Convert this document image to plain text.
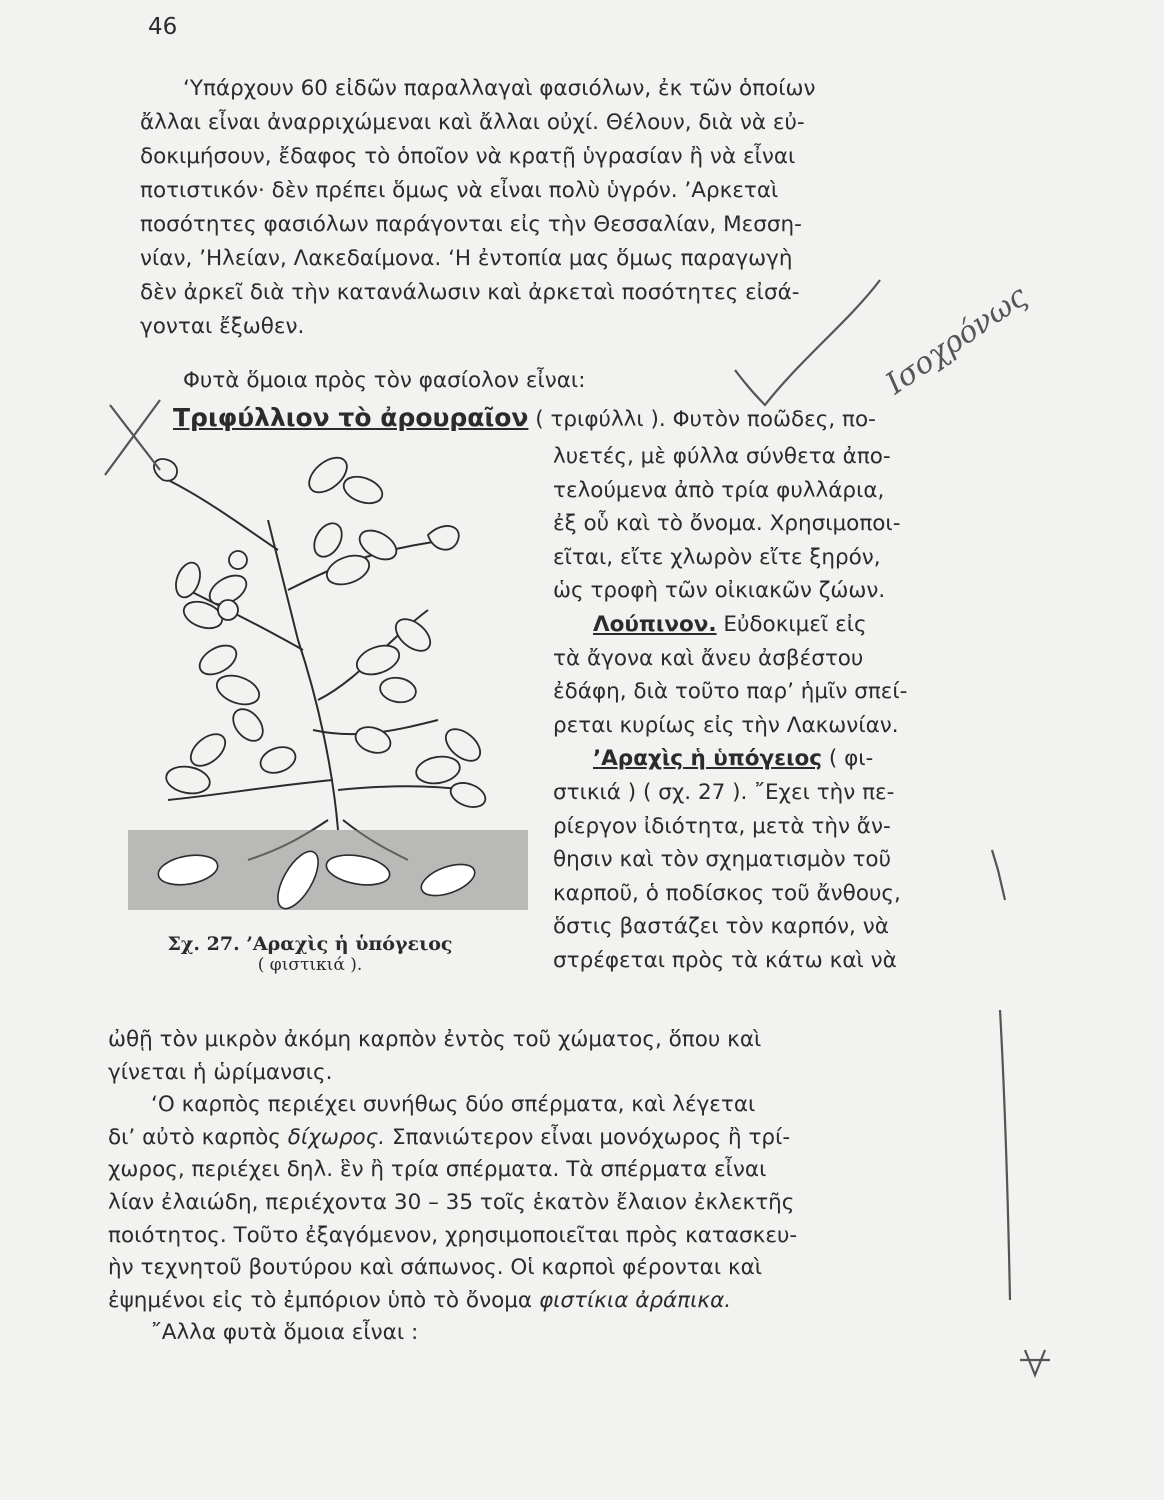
46
‘Υπάρχουν 60 εἰδῶν παραλλαγαὶ φασιόλων, ἐκ τῶν ὁποίων
ἄλλαι εἶναι ἀναρριχώμεναι καὶ ἄλλαι οὐχί. Θέλουν, διὰ νὰ εὐ-
δοκιμήσουν, ἔδαφος τὸ ὁποῖον νὰ κρατῇ ὑγρασίαν ἢ νὰ εἶναι
ποτιστικόν· δὲν πρέπει ὅμως νὰ εἶναι πολὺ ὑγρόν. ’Αρκεταὶ
ποσότητες φασιόλων παράγονται εἰς τὴν Θεσσαλίαν, Μεσση-
νίαν, ’Ηλείαν, Λακεδαίμονα. ‘Η ἐντοπία μας ὅμως παραγωγὴ
δὲν ἀρκεῖ διὰ τὴν κατανάλωσιν καὶ ἀρκεταὶ ποσότητες εἰσά-
γονται ἔξωθεν.
Φυτὰ ὅμοια πρὸς τὸν φασίολον εἶναι:
Τριφύλλιον τὸ ἀρουραῖον ( τριφύλλι ). Φυτὸν ποῶδες, πο-

λυετές, μὲ φύλλα σύνθετα ἀπο-

τελούμενα ἀπὸ τρία φυλλάρια,

ἐξ οὗ καὶ τὸ ὄνομα. Χρησιμοποι-

εῖται, εἴτε χλωρὸν εἴτε ξηρόν,

ὡς τροφὴ τῶν οἰκιακῶν ζώων.

Λούπινον. Εὐδοκιμεῖ εἰς

τὰ ἄγονα καὶ ἄνευ ἀσβέστου

ἐδάφη, διὰ τοῦτο παρ’ ἡμῖν σπεί-

ρεται κυρίως εἰς τὴν Λακωνίαν.

’Αραχὶς ἡ ὑπόγειος ( φι-

στικιά ) ( σχ. 27 ). ῎Εχει τὴν πε-

ρίεργον ἰδιότητα, μετὰ τὴν ἄν-

θησιν καὶ τὸν σχηματισμὸν τοῦ

καρποῦ, ὁ ποδίσκος τοῦ ἄνθους,

ὅστις βαστάζει τὸν καρπόν, νὰ

στρέφεται πρὸς τὰ κάτω καὶ νὰ

Σχ. 27. ’Αραχὶς ἡ ὑπόγειος
( φιστικιά ).

ὠθῇ τὸν μικρὸν ἀκόμη καρπὸν ἐντὸς τοῦ χώματος, ὅπου καὶ

γίνεται ἡ ὡρίμανσις.

‘Ο καρπὸς περιέχει συνήθως δύο σπέρματα, καὶ λέγεται

δι’ αὐτὸ καρπὸς δίχωρος. Σπανιώτερον εἶναι μονόχωρος ἢ τρί-

χωρος, περιέχει δηλ. ἓν ἢ τρία σπέρματα. Τὰ σπέρματα εἶναι

λίαν ἐλαιώδη, περιέχοντα 30 – 35 τοῖς ἑκατὸν ἔλαιον ἐκλεκτῆς

ποιότητος. Τοῦτο ἐξαγόμενον, χρησιμοποιεῖται πρὸς κατασκευ-

ὴν τεχνητοῦ βουτύρου καὶ σάπωνος. Οἱ καρποὶ φέρονται καὶ

ἐψημένοι εἰς τὸ ἐμπόριον ὑπὸ τὸ ὄνομα φιστίκια ἀράπικα.

῎Αλλα φυτὰ ὅμοια εἶναι :

Ισοχρόνως
